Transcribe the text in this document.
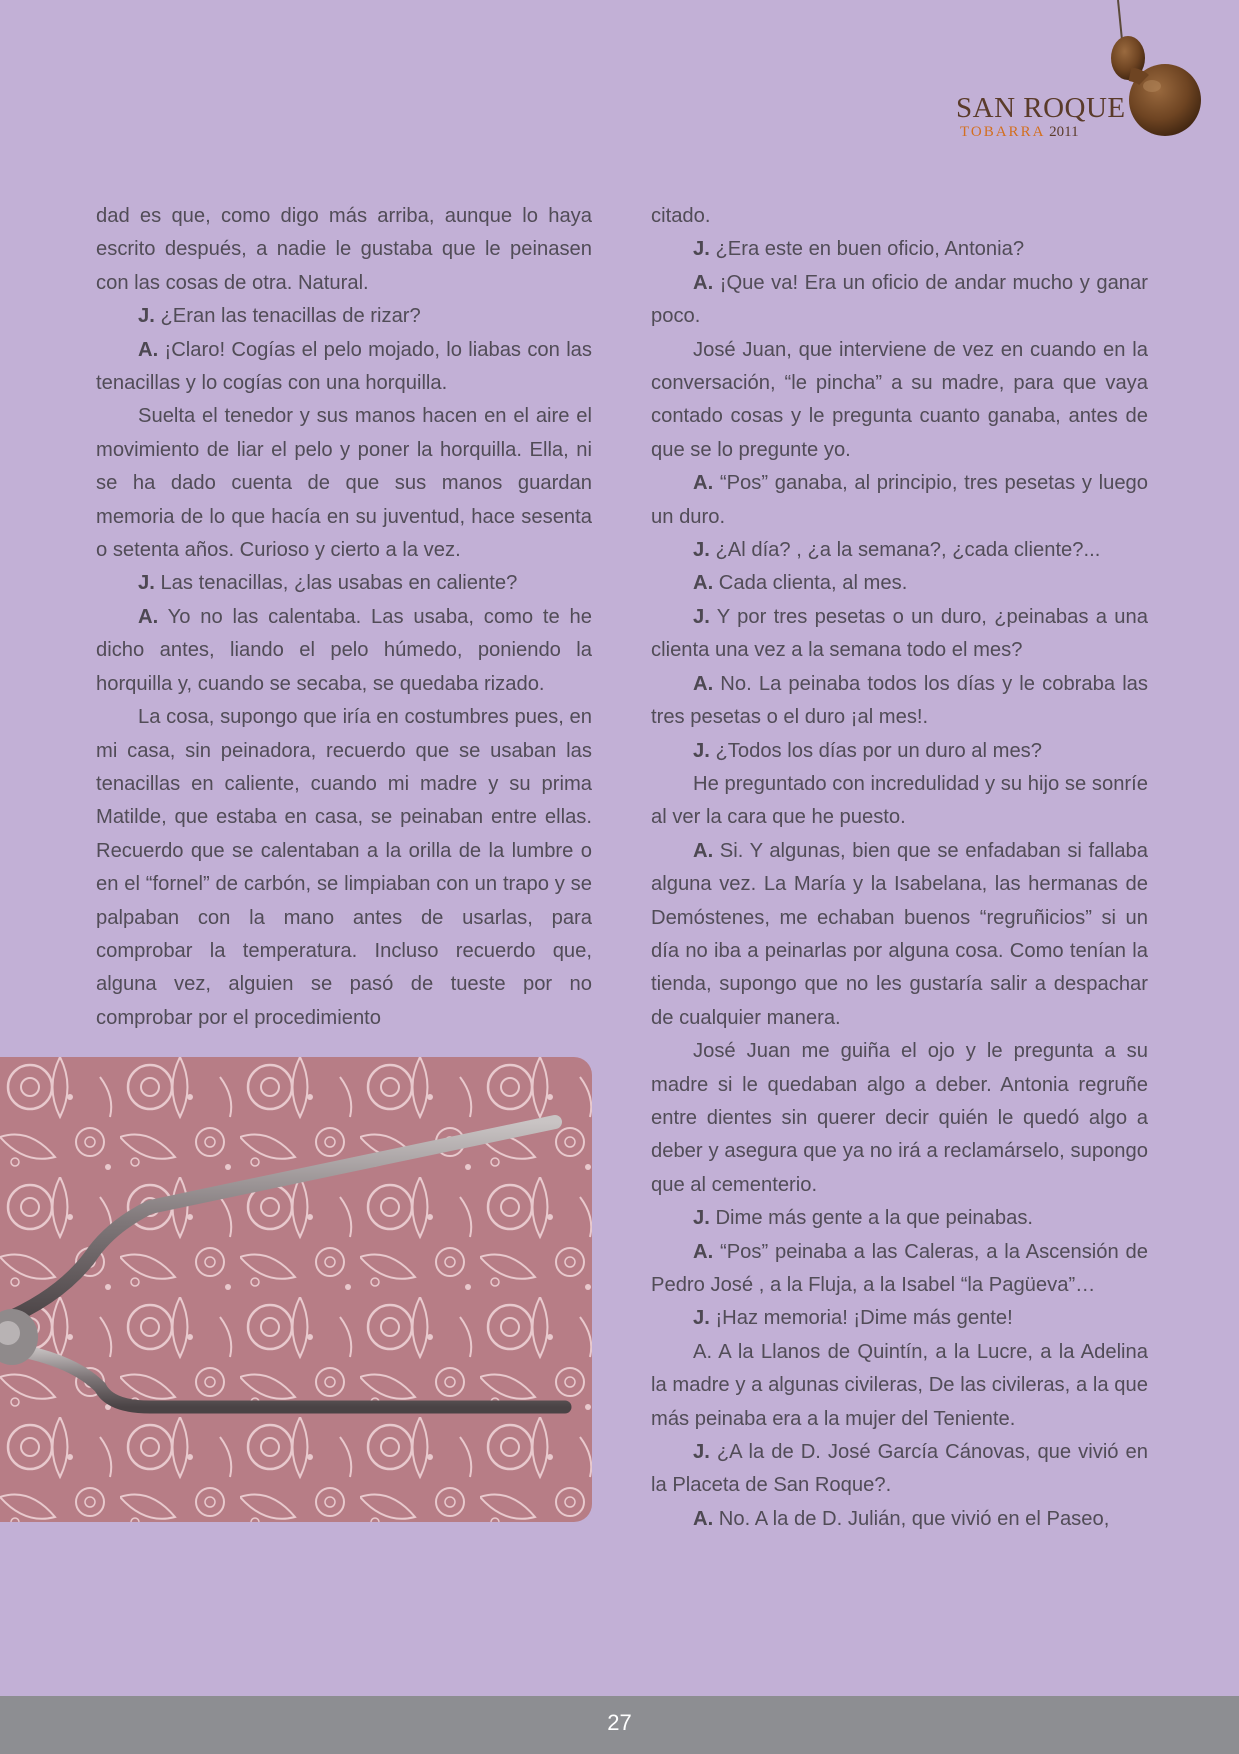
SAN ROQUE
TOBARRA 2011

dad es que, como digo más arriba, aunque lo haya escrito después, a nadie le gustaba que le peinasen con las cosas de otra. Natural.

J. ¿Eran las tenacillas de rizar?

A. ¡Claro! Cogías el pelo mojado, lo liabas con las tenacillas y lo cogías con una horquilla.

Suelta el tenedor y sus manos hacen en el aire el movimiento de liar el pelo y poner la horquilla. Ella, ni se ha dado cuenta de que sus manos guardan memoria de lo que hacía en su juventud, hace sesenta o setenta años. Curioso y cierto a la vez.

J. Las tenacillas, ¿las usabas en caliente?

A. Yo no las calentaba. Las usaba, como te he dicho antes, liando el pelo húmedo, poniendo la horquilla y, cuando se secaba, se quedaba rizado.

La cosa, supongo que iría en costumbres pues, en mi casa, sin peinadora, recuerdo que se usaban las tenacillas en caliente, cuando mi madre y su prima Matilde, que estaba en casa, se peinaban entre ellas. Recuerdo que se calentaban a la orilla de la lumbre o en el “fornel” de carbón, se limpiaban con un trapo y se palpaban con la mano antes de usarlas, para comprobar la temperatura. Incluso recuerdo que, alguna vez, alguien se pasó de tueste por no comprobar por el procedimiento

citado.

J. ¿Era este en buen oficio, Antonia?

A. ¡Que va! Era un oficio de andar mucho y ganar poco.

José Juan, que interviene de vez en cuando en la conversación, “le pincha” a su madre, para que vaya contado cosas y le pregunta cuanto ganaba, antes de que se lo pregunte yo.

A. “Pos” ganaba, al principio, tres pesetas y luego un duro.

J. ¿Al día? , ¿a la semana?, ¿cada cliente?...

A. Cada clienta, al mes.

J. Y por tres pesetas o un duro, ¿peinabas a una clienta una vez a la semana todo el mes?

A. No. La peinaba todos los días y le cobraba las tres pesetas o el duro ¡al mes!.

J. ¿Todos los días por un duro al mes?

He preguntado con incredulidad y su hijo se sonríe al ver la cara que he puesto.

A. Si. Y algunas, bien que se enfadaban si fallaba alguna vez. La María y la Isabelana, las hermanas de Demóstenes, me echaban buenos “regruñicios” si un día no iba a peinarlas por alguna cosa. Como tenían la tienda, supongo que no les gustaría salir a despachar de cualquier manera.

José Juan me guiña el ojo y le pregunta a su madre si le quedaban algo a deber. Antonia regruñe entre dientes sin querer decir quién le quedó algo a deber y asegura que ya no irá a reclamárselo, supongo que al cementerio.

J. Dime más gente a la que peinabas.

A. “Pos” peinaba a las Caleras, a la Ascensión de Pedro José , a la Fluja, a la Isabel “la Pagüeva”…

J. ¡Haz memoria! ¡Dime más gente!

A. A la Llanos de Quintín, a la Lucre, a la Adelina la madre y a algunas civileras, De las civileras, a la que más peinaba era a la mujer del Teniente.

J. ¿A la de D. José García Cánovas, que vivió en la Placeta de San Roque?.

A. No. A la de D. Julián, que vivió en el Paseo,

27
